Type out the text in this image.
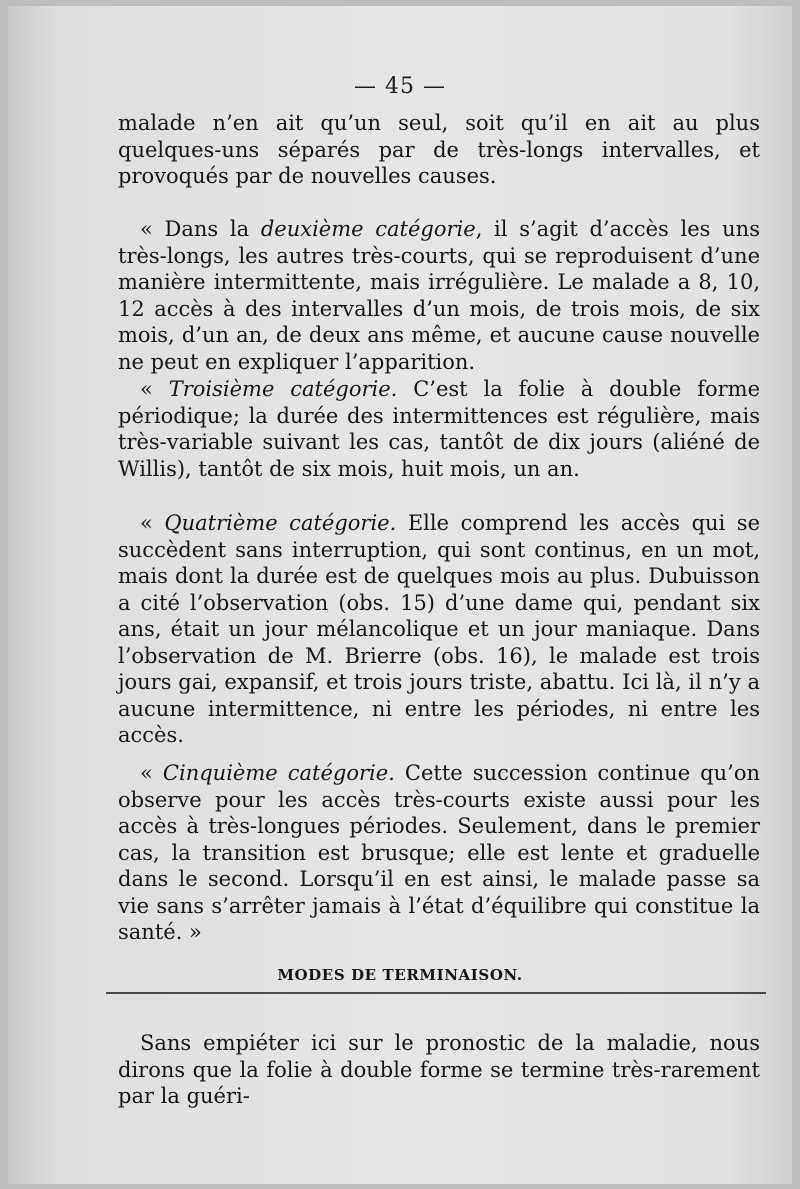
— 45 —

malade n’en ait qu’un seul, soit qu’il en ait au plus quelques-uns séparés par de très-longs intervalles, et provoqués par de nouvelles causes.

« Dans la deuxième catégorie, il s’agit d’accès les uns très-longs, les autres très-courts, qui se reproduisent d’une manière intermittente, mais irrégulière. Le malade a 8, 10, 12 accès à des intervalles d’un mois, de trois mois, de six mois, d’un an, de deux ans même, et aucune cause nouvelle ne peut en expliquer l’apparition.

« Troisième catégorie. C’est la folie à double forme périodique; la durée des intermittences est régulière, mais très-variable suivant les cas, tantôt de dix jours (aliéné de Willis), tantôt de six mois, huit mois, un an.

« Quatrième catégorie. Elle comprend les accès qui se succèdent sans interruption, qui sont continus, en un mot, mais dont la durée est de quelques mois au plus. Dubuisson a cité l’observation (obs. 15) d’une dame qui, pendant six ans, était un jour mélancolique et un jour maniaque. Dans l’observation de M. Brierre (obs. 16), le malade est trois jours gai, expansif, et trois jours triste, abattu. Ici là, il n’y a aucune intermittence, ni entre les périodes, ni entre les accès.

« Cinquième catégorie. Cette succession continue qu’on observe pour les accès très-courts existe aussi pour les accès à très-longues périodes. Seulement, dans le premier cas, la transition est brusque; elle est lente et graduelle dans le second. Lorsqu’il en est ainsi, le malade passe sa vie sans s’arrêter jamais à l’état d’équilibre qui constitue la santé. »

MODES DE TERMINAISON.

Sans empiéter ici sur le pronostic de la maladie, nous dirons que la folie à double forme se termine très-rarement par la guéri-
